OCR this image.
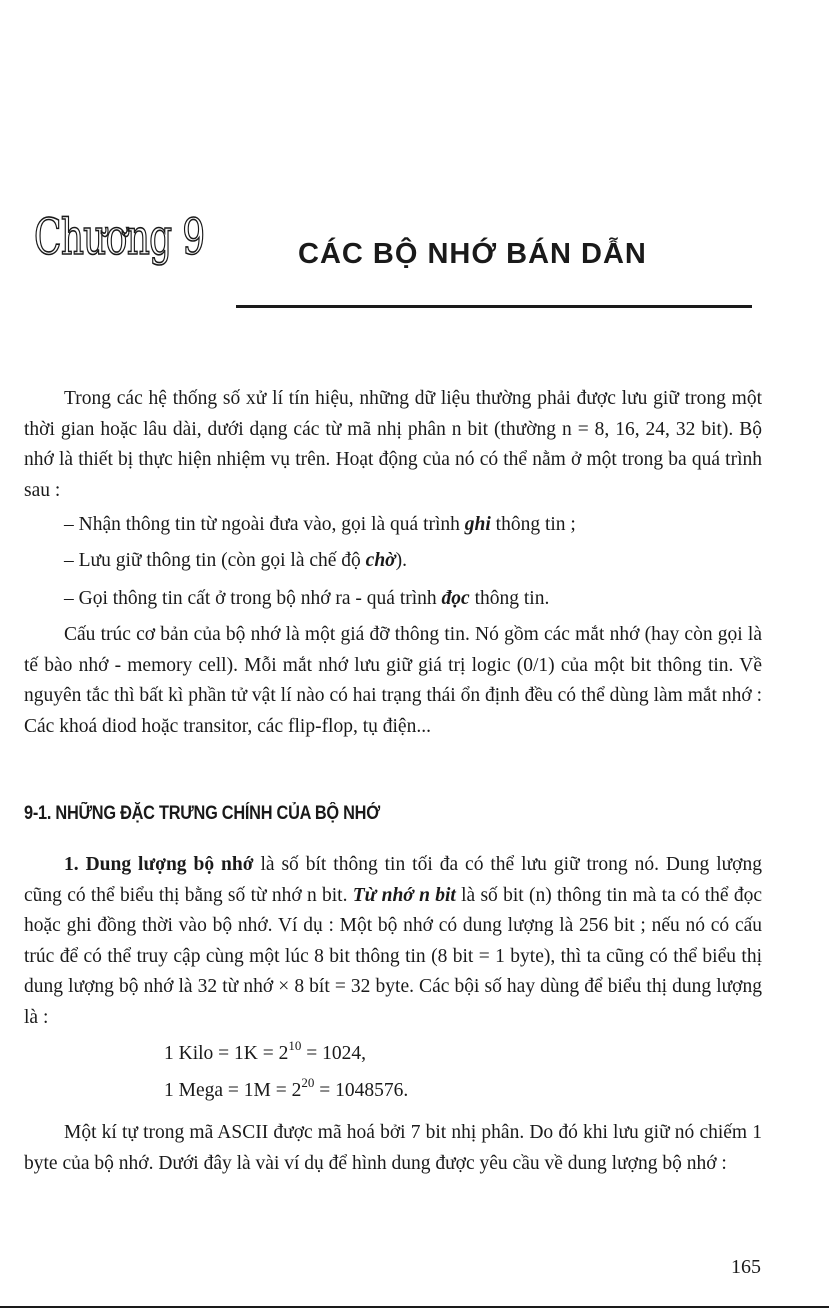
Chương 9	CÁC BỘ NHỚ BÁN DẪN

Trong các hệ thống số xử lí tín hiệu, những dữ liệu thường phải được lưu giữ trong một thời gian hoặc lâu dài, dưới dạng các từ mã nhị phân n bit (thường n = 8, 16, 24, 32 bit). Bộ nhớ là thiết bị thực hiện nhiệm vụ trên. Hoạt động của nó có thể nằm ở một trong ba quá trình sau :

– Nhận thông tin từ ngoài đưa vào, gọi là quá trình ghi thông tin ;
– Lưu giữ thông tin (còn gọi là chế độ chờ).
– Gọi thông tin cất ở trong bộ nhớ ra - quá trình đọc thông tin.

Cấu trúc cơ bản của bộ nhớ là một giá đỡ thông tin. Nó gồm các mắt nhớ (hay còn gọi là tế bào nhớ - memory cell). Mỗi mắt nhớ lưu giữ giá trị logic (0/1) của một bit thông tin. Về nguyên tắc thì bất kì phần tử vật lí nào có hai trạng thái ổn định đều có thể dùng làm mắt nhớ : Các khoá diod hoặc transitor, các flip-flop, tụ điện...

9-1. NHỮNG ĐẶC TRƯNG CHÍNH CỦA BỘ NHỚ

1. Dung lượng bộ nhớ là số bít thông tin tối đa có thể lưu giữ trong nó. Dung lượng cũng có thể biểu thị bằng số từ nhớ n bit. Từ nhớ n bit là số bit (n) thông tin mà ta có thể đọc hoặc ghi đồng thời vào bộ nhớ. Ví dụ : Một bộ nhớ có dung lượng là 256 bit ; nếu nó có cấu trúc để có thể truy cập cùng một lúc 8 bit thông tin (8 bit = 1 byte), thì ta cũng có thể biểu thị dung lượng bộ nhớ là 32 từ nhớ × 8 bít = 32 byte. Các bội số hay dùng để biểu thị dung lượng là :

1 Kilo = $1K = 2^{10} = 1024$,
1 Mega = $1M = 2^{20} = 1048576$.

Một kí tự trong mã ASCII được mã hoá bởi 7 bit nhị phân. Do đó khi lưu giữ nó chiếm 1 byte của bộ nhớ. Dưới đây là vài ví dụ để hình dung được yêu cầu về dung lượng bộ nhớ :

165
